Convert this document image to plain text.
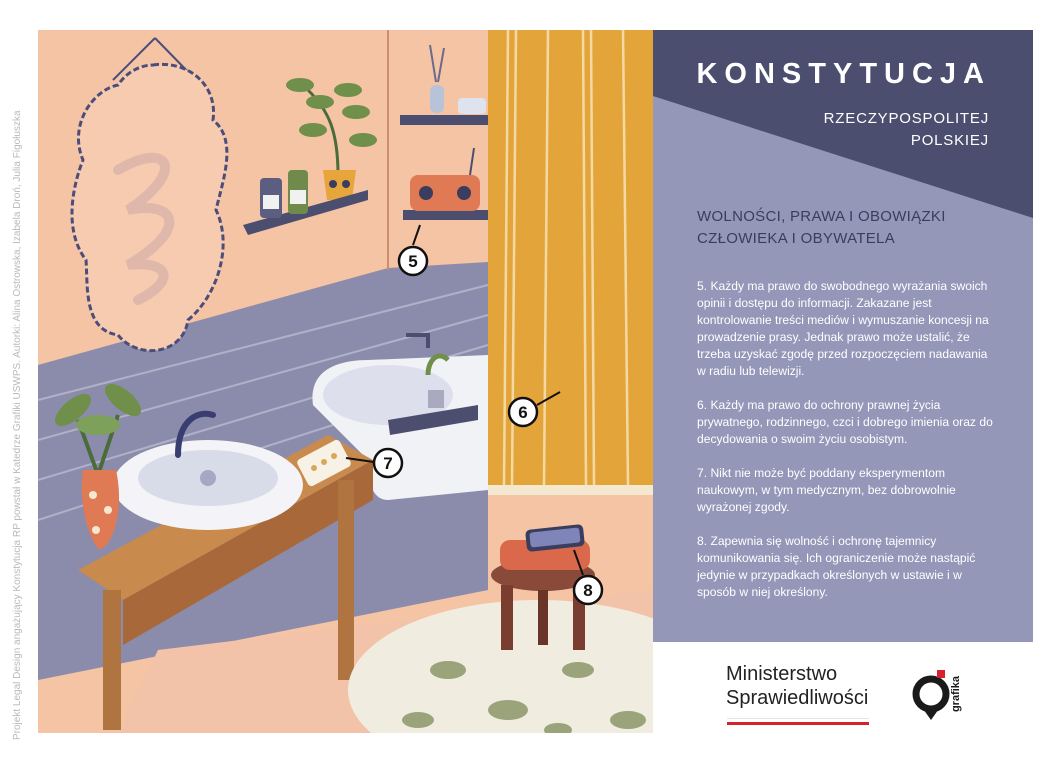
Projekt Legal Design angażujący Konstytucja RP powstał w Katedrze Grafiki USWPS. Autorki: Alina Ostrowska, Izabela Droń, Julia Figołuszka	5
6
7
8
KONSTYTUCJA
RZECZYPOSPOLITEJ
POLSKIEJ
WOLNOŚCI, PRAWA I OBOWIĄZKI
CZŁOWIEKA I OBYWATELA

5. Każdy ma prawo do swobodnego wyrażania swoich opinii i dostępu do informacji. Zakazane jest kontrolowanie treści mediów i wymuszanie koncesji na prowadzenie prasy. Jednak prawo może ustalić, że trzeba uzyskać zgodę przed rozpoczęciem nadawania w radiu lub telewizji.

6. Każdy ma prawo do ochrony prawnej życia prywatnego, rodzinnego, czci i dobrego imienia oraz do decydowania o swoim życiu osobistym.

7. Nikt nie może być poddany eksperymentom naukowym, w tym medycznym, bez dobrowolnie wyrażonej zgody.

8. Zapewnia się wolność i ochronę tajemnicy komunikowania się. Ich ograniczenie może nastąpić jedynie w przypadkach określonych w ustawie i w sposób w niej określony.

Ministerstwo
Sprawiedliwości	grafika
